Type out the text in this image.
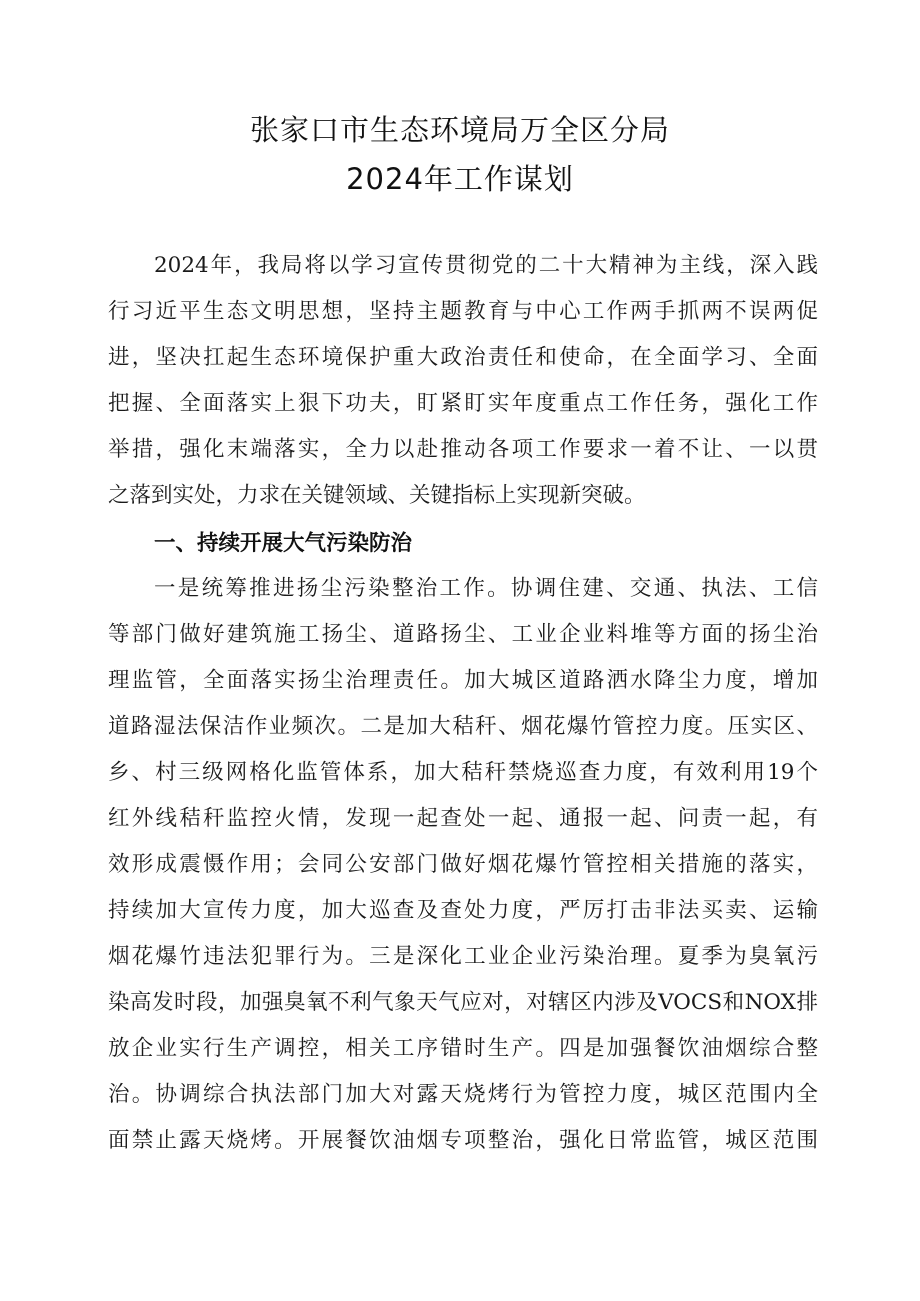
张家口市生态环境局万全区分局
2024年工作谋划

2024年，我局将以学习宣传贯彻党的二十大精神为主线，深入践

行习近平生态文明思想，坚持主题教育与中心工作两手抓两不误两促

进，坚决扛起生态环境保护重大政治责任和使命，在全面学习、全面

把握、全面落实上狠下功夫，盯紧盯实年度重点工作任务，强化工作

举措，强化末端落实，全力以赴推动各项工作要求一着不让、一以贯

之落到实处，力求在关键领域、关键指标上实现新突破。

一、持续开展大气污染防治

一是统筹推进扬尘污染整治工作。协调住建、交通、执法、工信

等部门做好建筑施工扬尘、道路扬尘、工业企业料堆等方面的扬尘治

理监管，全面落实扬尘治理责任。加大城区道路洒水降尘力度，增加

道路湿法保洁作业频次。二是加大秸秆、烟花爆竹管控力度。压实区、

乡、村三级网格化监管体系，加大秸秆禁烧巡查力度，有效利用19个

红外线秸秆监控火情，发现一起查处一起、通报一起、问责一起，有

效形成震慑作用；会同公安部门做好烟花爆竹管控相关措施的落实，

持续加大宣传力度，加大巡查及查处力度，严厉打击非法买卖、运输

烟花爆竹违法犯罪行为。三是深化工业企业污染治理。夏季为臭氧污

染高发时段，加强臭氧不利气象天气应对，对辖区内涉及VOCS和NOX排

放企业实行生产调控，相关工序错时生产。四是加强餐饮油烟综合整

治。协调综合执法部门加大对露天烧烤行为管控力度，城区范围内全

面禁止露天烧烤。开展餐饮油烟专项整治，强化日常监管，城区范围
